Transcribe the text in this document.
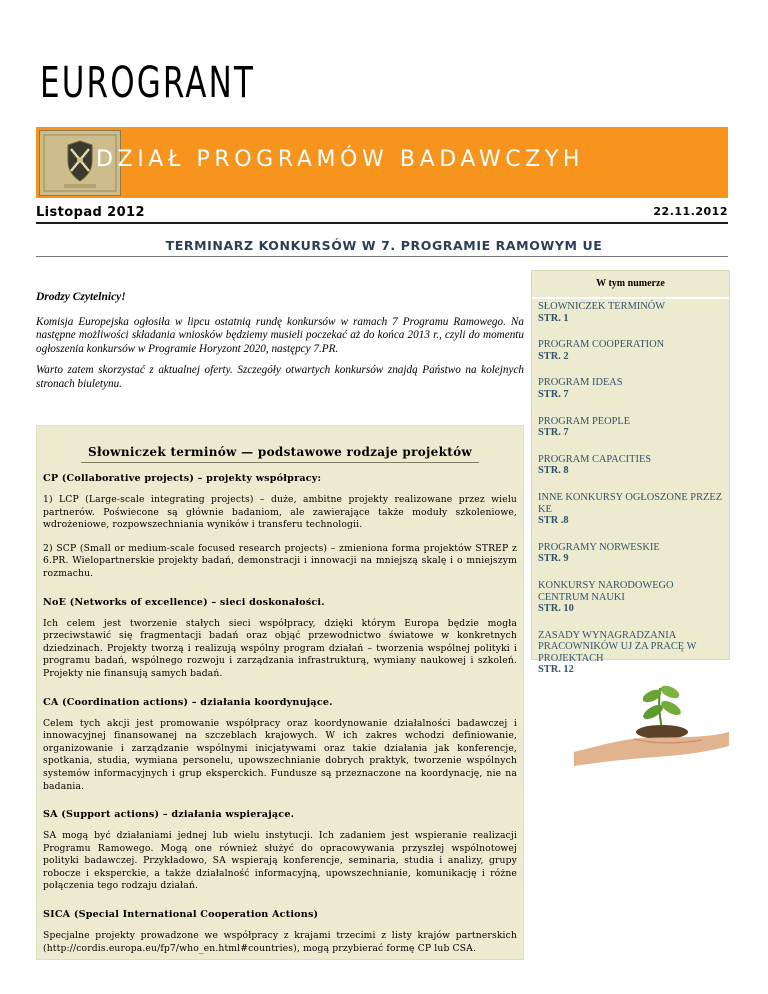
EUROGRANT
DZIAŁ PROGRAMÓW BADAWCZYH
Listopad 2012	22.11.2012
TERMINARZ KONKURSÓW W 7. PROGRAMIE RAMOWYM UE

Drodzy Czytelnicy!

Komisja Europejska ogłosiła w lipcu ostatnią rundę konkursów w ramach 7 Programu Ramowego. Na następne możliwości składania wniosków będziemy musieli poczekać aż do końca 2013 r., czyli do momentu ogłoszenia konkursów w Programie Horyzont 2020, następcy 7.PR.

Warto zatem skorzystać z aktualnej oferty. Szczegóły otwartych konkursów znajdą Państwo na kolejnych stronach biuletynu.

Słowniczek terminów — podstawowe rodzaje projektów

CP (Collaborative projects) – projekty współpracy:

1) LCP (Large-scale integrating projects) – duże, ambitne projekty realizowane przez wielu partnerów. Poświecone są głównie badaniom, ale zawierające także moduły szkoleniowe, wdrożeniowe, rozpowszechniania wyników i transferu technologii.

2) SCP (Small or medium-scale focused research projects) – zmieniona forma projektów STREP z 6.PR. Wielopartnerskie projekty badań, demonstracji i innowacji na mniejszą skalę i o mniejszym rozmachu.

NoE (Networks of excellence) – sieci doskonałości.

Ich celem jest tworzenie stałych sieci współpracy, dzięki którym Europa będzie mogła przeciwstawić się fragmentacji badań oraz objąć przewodnictwo światowe w konkretnych dziedzinach. Projekty tworzą i realizują wspólny program działań – tworzenia wspólnej polityki i programu badań, wspólnego rozwoju i zarządzania infrastrukturą, wymiany naukowej i szkoleń. Projekty nie finansują samych badań.

CA (Coordination actions) – działania koordynujące.

Celem tych akcji jest promowanie współpracy oraz koordynowanie działalności badawczej i innowacyjnej finansowanej na szczeblach krajowych. W ich zakres wchodzi definiowanie, organizowanie i zarządzanie wspólnymi inicjatywami oraz takie działania jak konferencje, spotkania, studia, wymiana personelu, upowszechnianie dobrych praktyk, tworzenie wspólnych systemów informacyjnych i grup eksperckich. Fundusze są przeznaczone na koordynację, nie na badania.

SA (Support actions) – działania wspierające.

SA mogą być działaniami jednej lub wielu instytucji. Ich zadaniem jest wspieranie realizacji Programu Ramowego. Mogą one również służyć do opracowywania przyszłej wspólnotowej polityki badawczej. Przykładowo, SA wspierają konferencje, seminaria, studia i analizy, grupy robocze i eksperckie, a także działalność informacyjną, upowszechnianie, komunikację i różne połączenia tego rodzaju działań.

SICA (Special International Cooperation Actions)

Specjalne projekty prowadzone we współpracy z krajami trzecimi z listy krajów partnerskich (http://cordis.europa.eu/fp7/who_en.html#countries), mogą przybierać formę CP lub CSA.

W tym numerze
SŁOWNICZEK TERMINÓW
STR. 1
PROGRAM COOPERATION
STR. 2
PROGRAM IDEAS
STR. 7
PROGRAM PEOPLE
STR. 7
PROGRAM CAPACITIES
STR. 8
INNE KONKURSY OGŁOSZONE PRZEZ KE
STR .8
PROGRAMY NORWESKIE
STR. 9
KONKURSY NARODOWEGO CENTRUM NAUKI
STR. 10
ZASADY WYNAGRADZANIA PRACOWNIKÓW UJ ZA PRACĘ W PROJEKTACH
STR. 12
